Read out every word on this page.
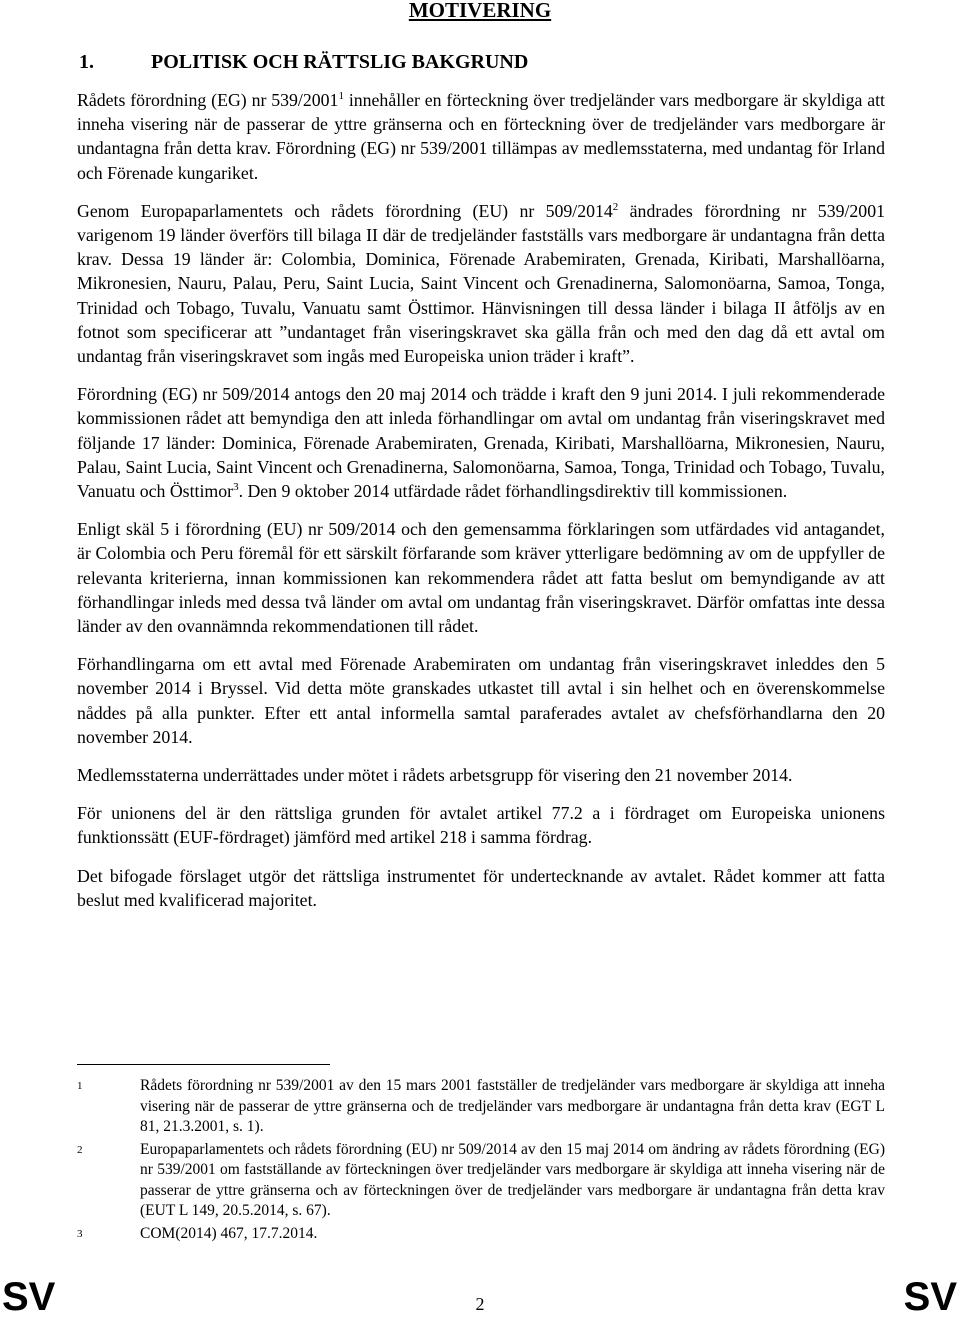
MOTIVERING
1.	POLITISK OCH RÄTTSLIG BAKGRUND

Rådets förordning (EG) nr 539/2001$^1$ innehåller en förteckning över tredjeländer vars medborgare är skyldiga att inneha visering när de passerar de yttre gränserna och en förteckning över de tredjeländer vars medborgare är undantagna från detta krav. Förordning (EG) nr 539/2001 tillämpas av medlemsstaterna, med undantag för Irland och Förenade kungariket.

Genom Europaparlamentets och rådets förordning (EU) nr 509/2014$^2$ ändrades förordning nr 539/2001 varigenom 19 länder överförs till bilaga II där de tredjeländer fastställs vars medborgare är undantagna från detta krav. Dessa 19 länder är: Colombia, Dominica, Förenade Arabemiraten, Grenada, Kiribati, Marshallöarna, Mikronesien, Nauru, Palau, Peru, Saint Lucia, Saint Vincent och Grenadinerna, Salomonöarna, Samoa, Tonga, Trinidad och Tobago, Tuvalu, Vanuatu samt Östtimor. Hänvisningen till dessa länder i bilaga II åtföljs av en fotnot som specificerar att ”undantaget från viseringskravet ska gälla från och med den dag då ett avtal om undantag från viseringskravet som ingås med Europeiska union träder i kraft”.

Förordning (EG) nr 509/2014 antogs den 20 maj 2014 och trädde i kraft den 9 juni 2014. I juli rekommenderade kommissionen rådet att bemyndiga den att inleda förhandlingar om avtal om undantag från viseringskravet med följande 17 länder: Dominica, Förenade Arabemiraten, Grenada, Kiribati, Marshallöarna, Mikronesien, Nauru, Palau, Saint Lucia, Saint Vincent och Grenadinerna, Salomonöarna, Samoa, Tonga, Trinidad och Tobago, Tuvalu, Vanuatu och Östtimor$^3$. Den 9 oktober 2014 utfärdade rådet förhandlingsdirektiv till kommissionen.

Enligt skäl 5 i förordning (EU) nr 509/2014 och den gemensamma förklaringen som utfärdades vid antagandet, är Colombia och Peru föremål för ett särskilt förfarande som kräver ytterligare bedömning av om de uppfyller de relevanta kriterierna, innan kommissionen kan rekommendera rådet att fatta beslut om bemyndigande av att förhandlingar inleds med dessa två länder om avtal om undantag från viseringskravet. Därför omfattas inte dessa länder av den ovannämnda rekommendationen till rådet.

Förhandlingarna om ett avtal med Förenade Arabemiraten om undantag från viseringskravet inleddes den 5 november 2014 i Bryssel. Vid detta möte granskades utkastet till avtal i sin helhet och en överenskommelse nåddes på alla punkter. Efter ett antal informella samtal paraferades avtalet av chefsförhandlarna den 20 november 2014.

Medlemsstaterna underrättades under mötet i rådets arbetsgrupp för visering den 21 november 2014.

För unionens del är den rättsliga grunden för avtalet artikel 77.2 a i fördraget om Europeiska unionens funktionssätt (EUF-fördraget) jämförd med artikel 218 i samma fördrag.

Det bifogade förslaget utgör det rättsliga instrumentet för undertecknande av avtalet. Rådet kommer att fatta beslut med kvalificerad majoritet.

1	Rådets förordning nr 539/2001 av den 15 mars 2001 fastställer de tredjeländer vars medborgare är skyldiga att inneha visering när de passerar de yttre gränserna och de tredjeländer vars medborgare är undantagna från detta krav (EGT L 81, 21.3.2001, s. 1).
2	Europaparlamentets och rådets förordning (EU) nr 509/2014 av den 15 maj 2014 om ändring av rådets förordning (EG) nr 539/2001 om fastställande av förteckningen över tredjeländer vars medborgare är skyldiga att inneha visering när de passerar de yttre gränserna och av förteckningen över de tredjeländer vars medborgare är undantagna från detta krav (EUT L 149, 20.5.2014, s. 67).
3	COM(2014) 467, 17.7.2014.
SV	2	SV
